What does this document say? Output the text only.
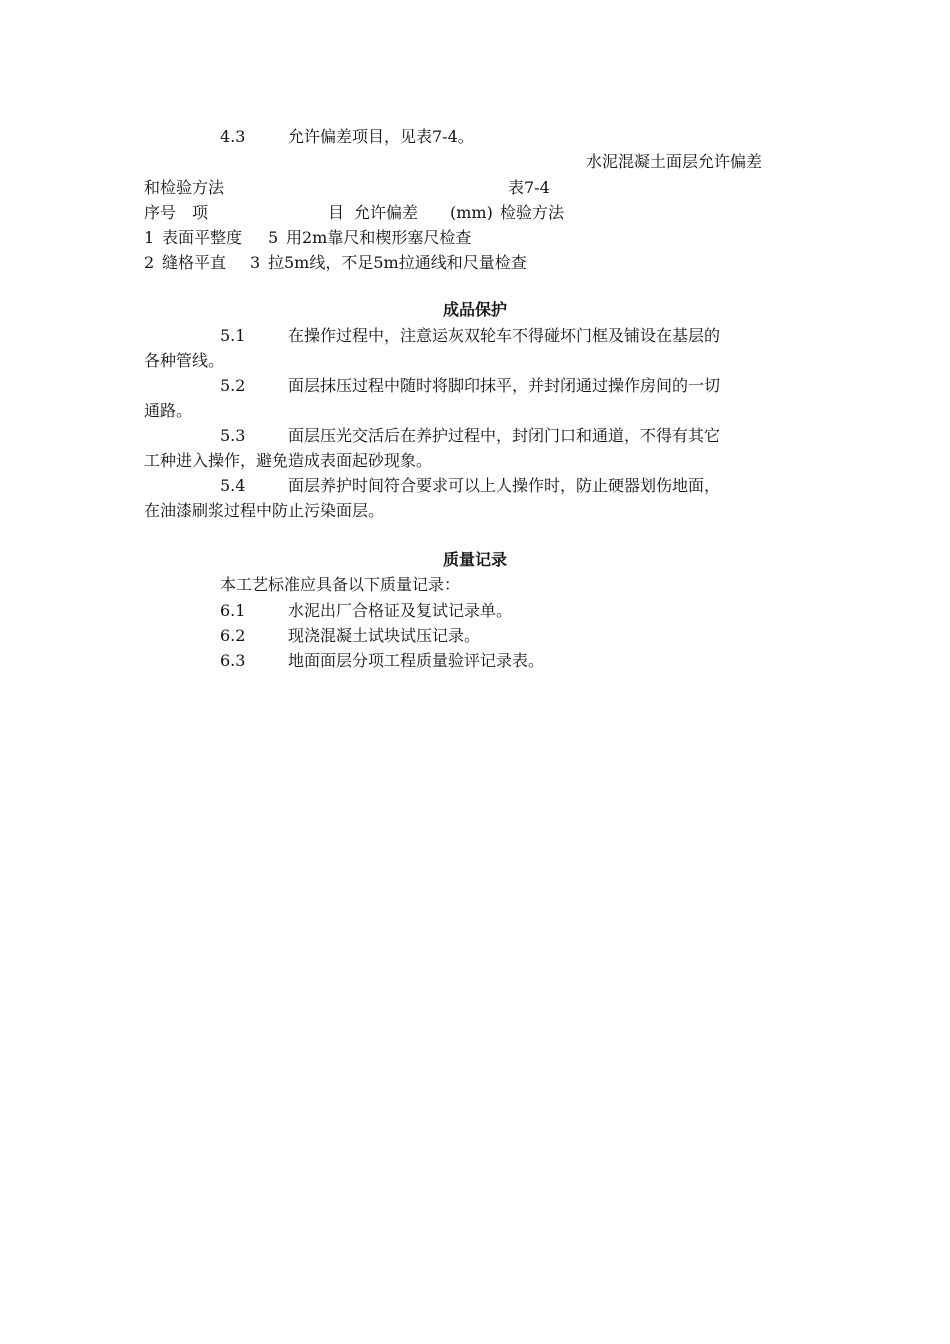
4.3	允许偏差项目，见表7-4。
水泥混凝土面层允许偏差
和检验方法	表7-4
序号 项	目 允许偏差 (mm) 检验方法
1 表面平整度 5 用2m靠尺和楔形塞尺检查
2 缝格平直 3 拉5m线，不足5m拉通线和尺量检查
成品保护
5.1	在操作过程中，注意运灰双轮车不得碰坏门框及铺设在基层的
各种管线。
5.2	面层抹压过程中随时将脚印抹平，并封闭通过操作房间的一切
通路。
5.3	面层压光交活后在养护过程中，封闭门口和通道，不得有其它
工种进入操作，避免造成表面起砂现象。
5.4	面层养护时间符合要求可以上人操作时，防止硬器划伤地面，
在油漆刷浆过程中防止污染面层。
质量记录
本工艺标准应具备以下质量记录：
6.1	水泥出厂合格证及复试记录单。
6.2	现浇混凝土试块试压记录。
6.3	地面面层分项工程质量验评记录表。
